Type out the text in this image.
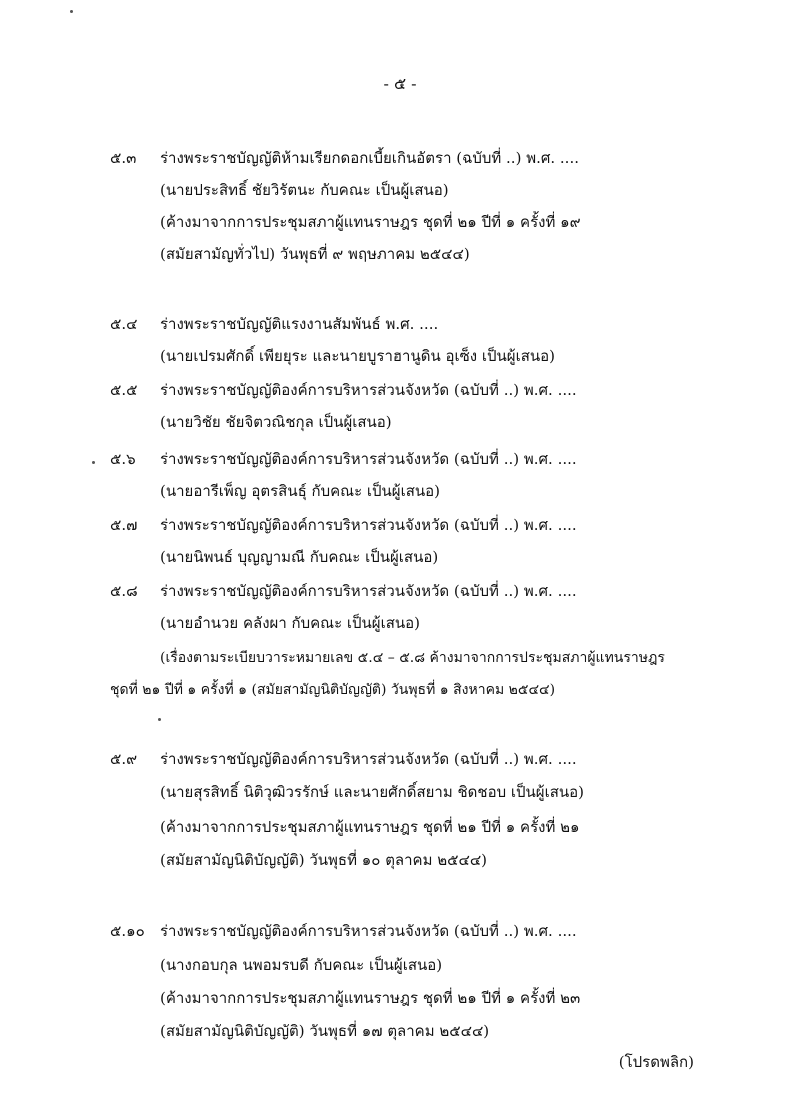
- ๕ -
๕.๓ ร่างพระราชบัญญัติห้ามเรียกดอกเบี้ยเกินอัตรา (ฉบับที่ ..) พ.ศ. ....
(นายประสิทธิ์ ชัยวิรัตนะ กับคณะ เป็นผู้เสนอ)
(ค้างมาจากการประชุมสภาผู้แทนราษฎร ชุดที่ ๒๑ ปีที่ ๑ ครั้งที่ ๑๙
(สมัยสามัญทั่วไป) วันพุธที่ ๙ พฤษภาคม ๒๕๔๔)
๕.๔ ร่างพระราชบัญญัติแรงงานสัมพันธ์ พ.ศ. ....
(นายเปรมศักดิ์ เพียยุระ และนายบูราฮานูดิน อุเซ็ง เป็นผู้เสนอ)
๕.๕ ร่างพระราชบัญญัติองค์การบริหารส่วนจังหวัด (ฉบับที่ ..) พ.ศ. ....
(นายวิชัย ชัยจิตวณิชกุล เป็นผู้เสนอ)
๕.๖ ร่างพระราชบัญญัติองค์การบริหารส่วนจังหวัด (ฉบับที่ ..) พ.ศ. ....
(นายอารีเพ็ญ อุตรสินธุ์ กับคณะ เป็นผู้เสนอ)
๕.๗ ร่างพระราชบัญญัติองค์การบริหารส่วนจังหวัด (ฉบับที่ ..) พ.ศ. ....
(นายนิพนธ์ บุญญามณี กับคณะ เป็นผู้เสนอ)
๕.๘ ร่างพระราชบัญญัติองค์การบริหารส่วนจังหวัด (ฉบับที่ ..) พ.ศ. ....
(นายอำนวย คลังผา กับคณะ เป็นผู้เสนอ)
(เรื่องตามระเบียบวาระหมายเลข ๕.๔ – ๕.๘ ค้างมาจากการประชุมสภาผู้แทนราษฎร
ชุดที่ ๒๑ ปีที่ ๑ ครั้งที่ ๑ (สมัยสามัญนิติบัญญัติ) วันพุธที่ ๑ สิงหาคม ๒๕๔๔)
๕.๙ ร่างพระราชบัญญัติองค์การบริหารส่วนจังหวัด (ฉบับที่ ..) พ.ศ. ....
(นายสุรสิทธิ์ นิติวุฒิวรรักษ์ และนายศักดิ์สยาม ชิดชอบ เป็นผู้เสนอ)
(ค้างมาจากการประชุมสภาผู้แทนราษฎร ชุดที่ ๒๑ ปีที่ ๑ ครั้งที่ ๒๑
(สมัยสามัญนิติบัญญัติ) วันพุธที่ ๑๐ ตุลาคม ๒๕๔๔)
๕.๑๐ ร่างพระราชบัญญัติองค์การบริหารส่วนจังหวัด (ฉบับที่ ..) พ.ศ. ....
(นางกอบกุล นพอมรบดี กับคณะ เป็นผู้เสนอ)
(ค้างมาจากการประชุมสภาผู้แทนราษฎร ชุดที่ ๒๑ ปีที่ ๑ ครั้งที่ ๒๓
(สมัยสามัญนิติบัญญัติ) วันพุธที่ ๑๗ ตุลาคม ๒๕๔๔)
(โปรดพลิก)
